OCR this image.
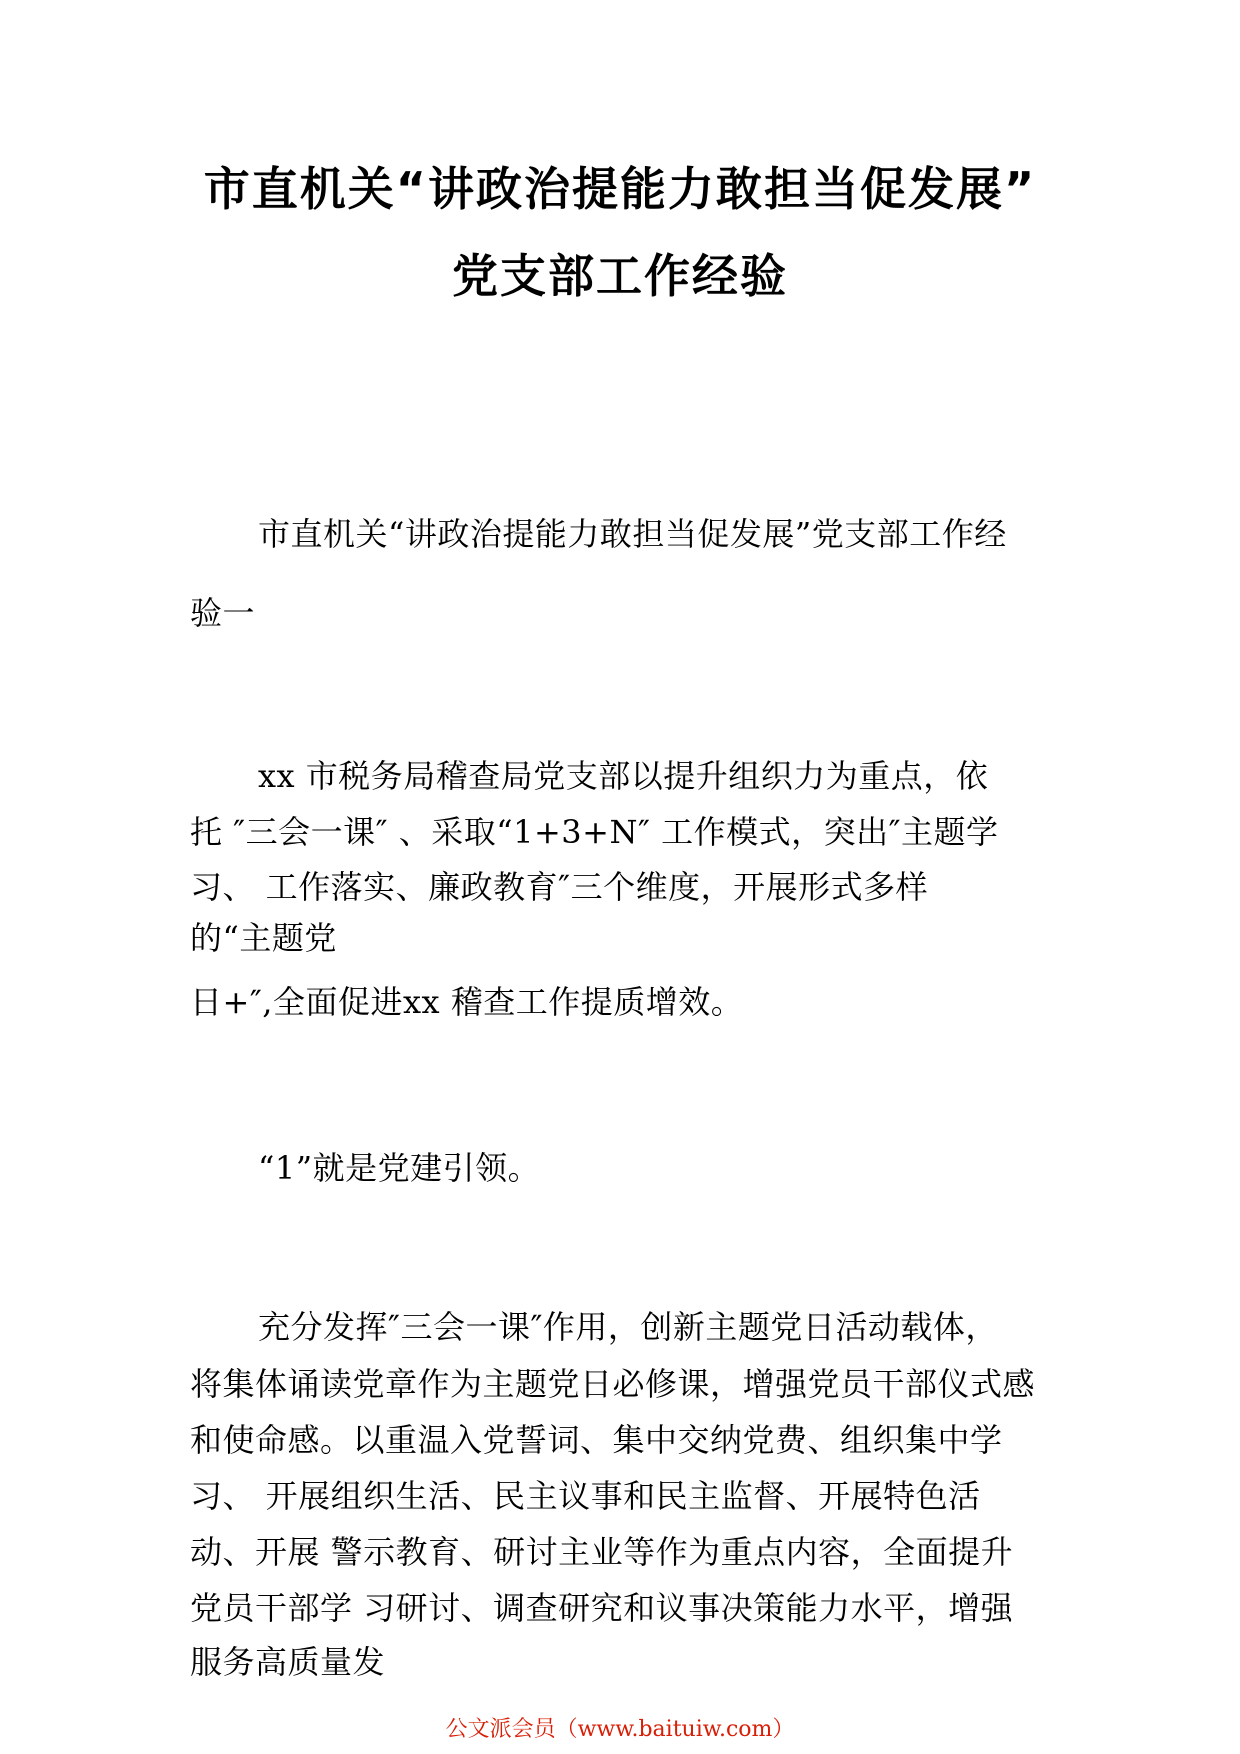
市直机关“讲政治提能力敢担当促发展”
党支部工作经验
市直机关“讲政治提能力敢担当促发展”党支部工作经
验一
xx 市税务局稽查局党支部以提升组织力为重点，依
托 ″三会一课″ 、采取“1+3+N″ 工作模式，突出″主题学
习、 工作落实、廉政教育″三个维度，开展形式多样
的“主题党
日+″,全面促进xx 稽查工作提质增效。
“1”就是党建引领。
充分发挥″三会一课″作用，创新主题党日活动载体，
将集体诵读党章作为主题党日必修课，增强党员干部仪式感
和使命感。以重温入党誓词、集中交纳党费、组织集中学
习、 开展组织生活、民主议事和民主监督、开展特色活
动、开展 警示教育、研讨主业等作为重点内容，全面提升
党员干部学 习研讨、调查研究和议事决策能力水平，增强
服务高质量发
公文派会员（www.baituiw.com）
